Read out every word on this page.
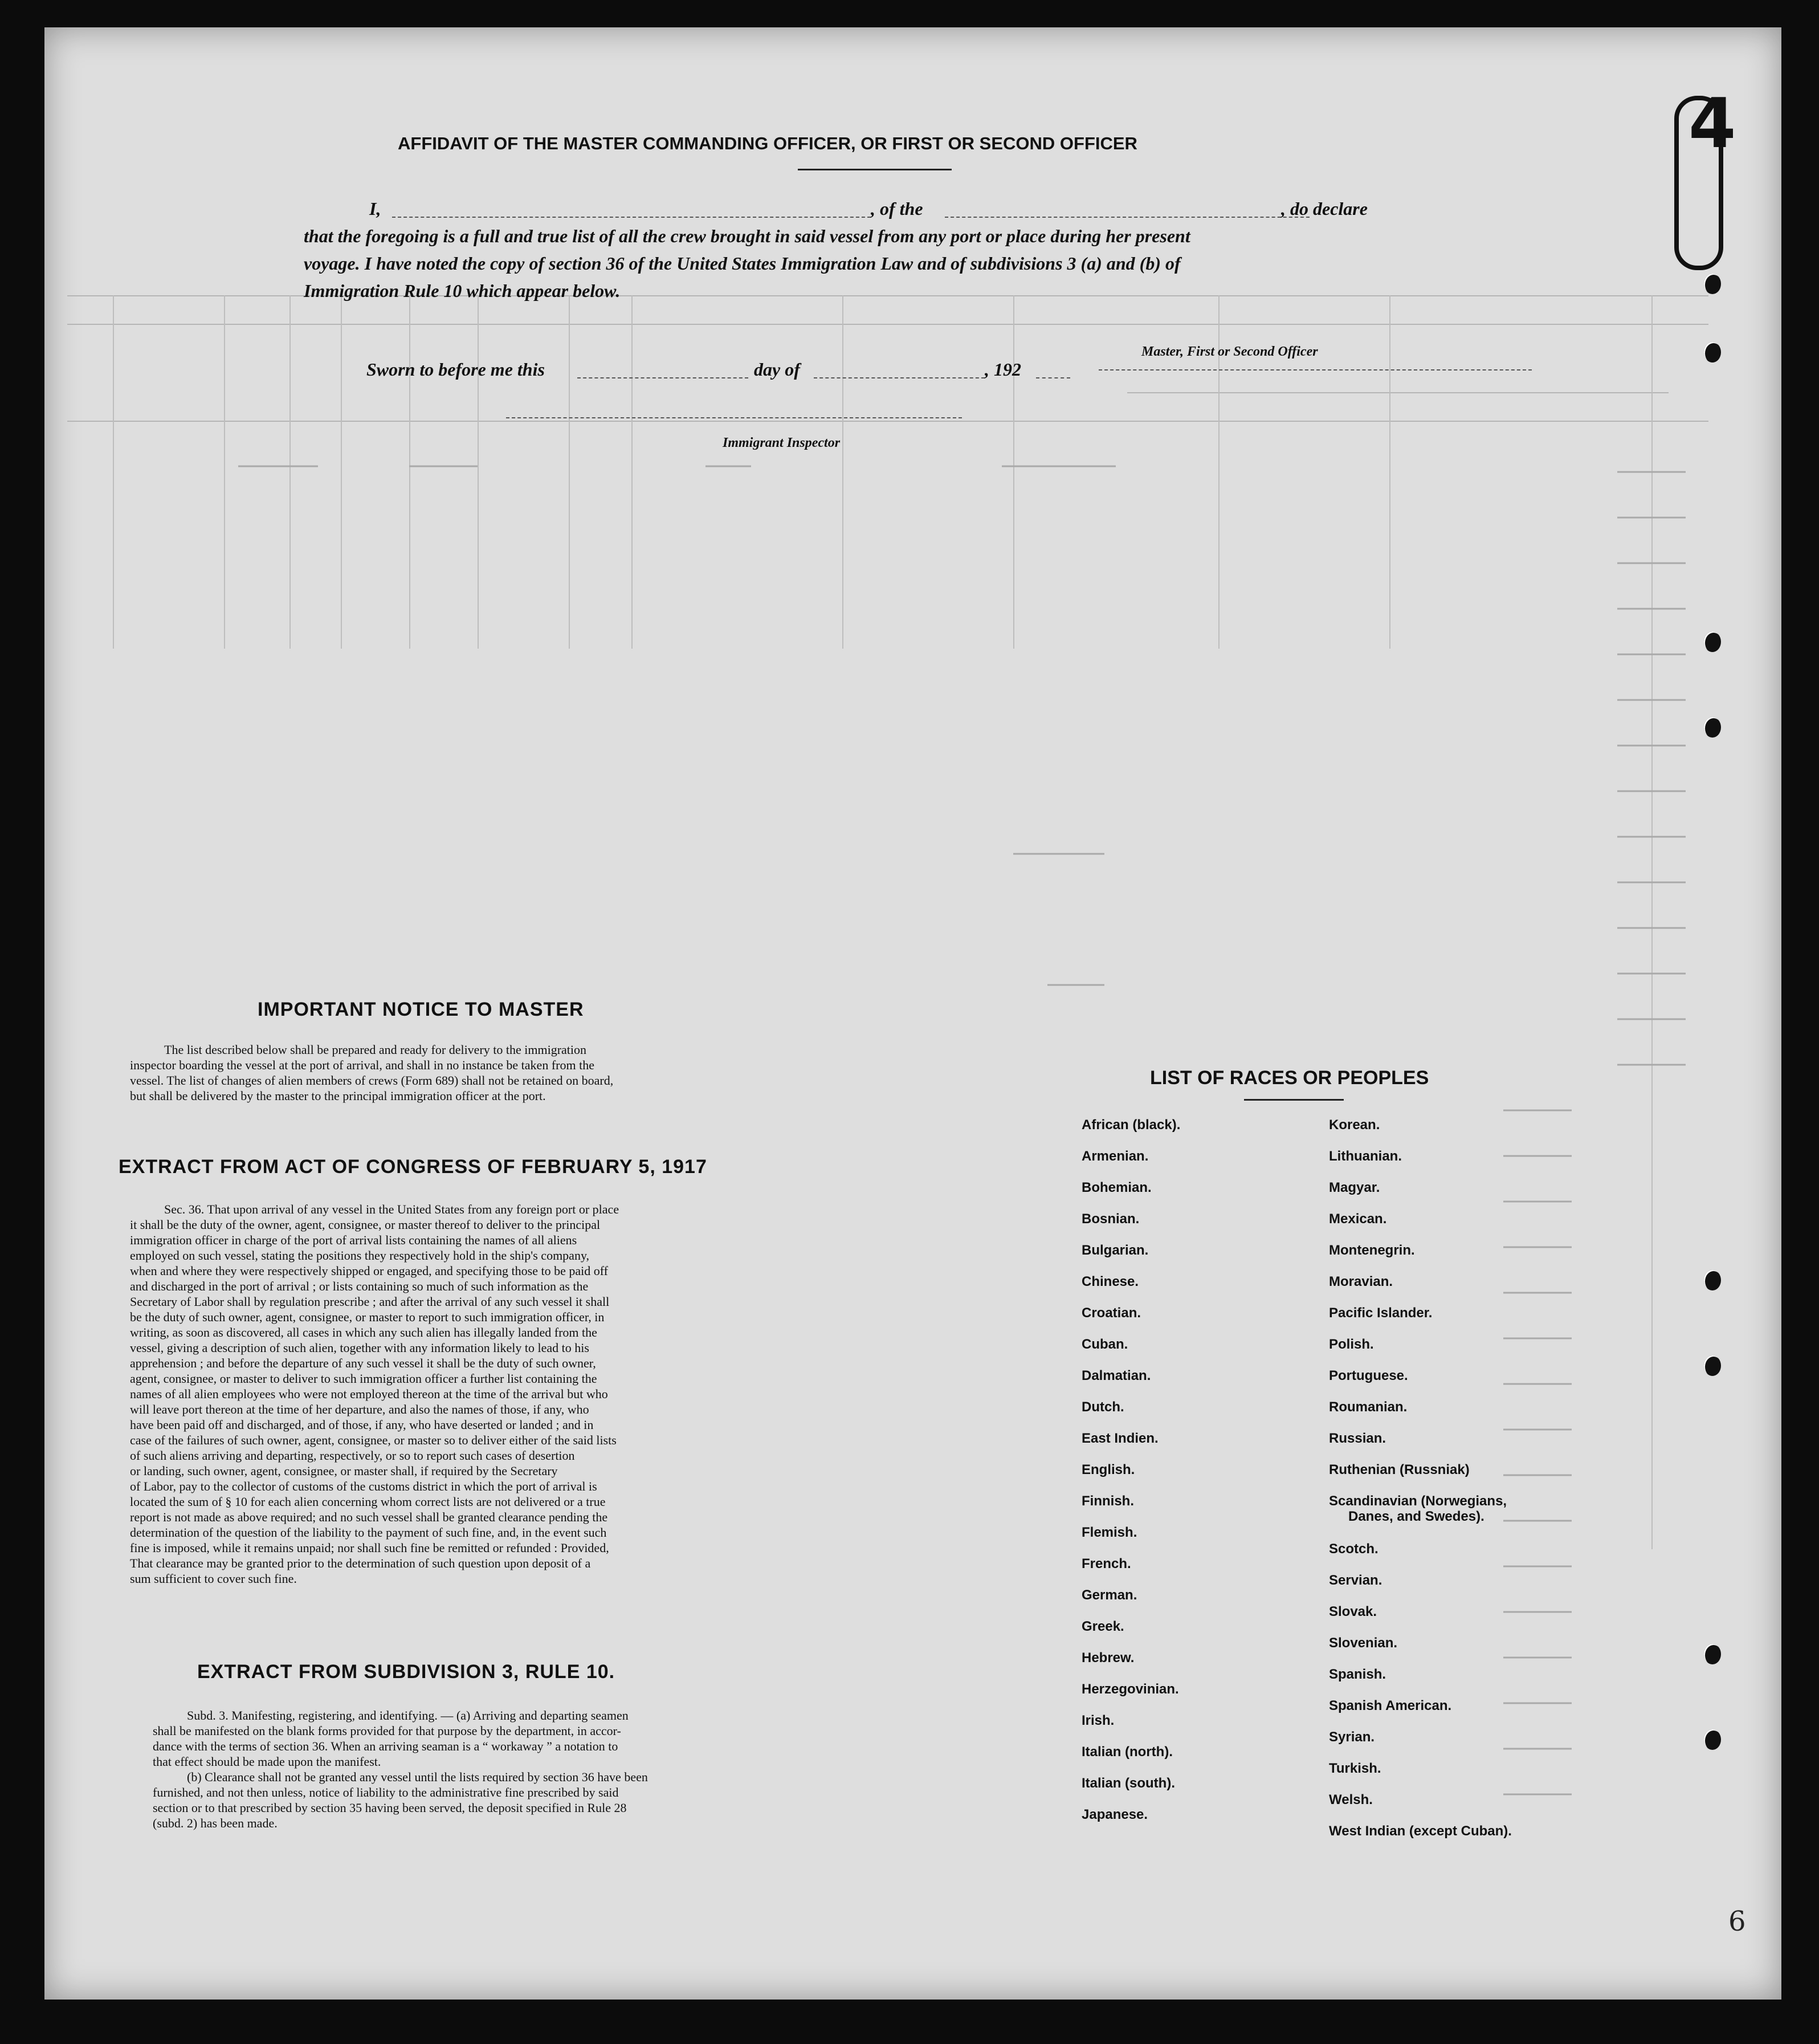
AFFIDAVIT OF THE MASTER COMMANDING OFFICER, OR FIRST OR SECOND OFFICER
I,	, of the	, do declare
that the foregoing is a full and true list of all the crew brought in said vessel from any port or place during her present
voyage. I have noted the copy of section 36 of the United States Immigration Law and of subdivisions 3 (a) and (b) of
Immigration Rule 10 which appear below.
Master, First or Second Officer
Sworn to before me this	day of	, 192
Immigrant Inspector
IMPORTANT NOTICE TO MASTER
The list described below shall be prepared and ready for delivery to the immigration
inspector boarding the vessel at the port of arrival, and shall in no instance be taken from the
vessel. The list of changes of alien members of crews (Form 689) shall not be retained on board,
but shall be delivered by the master to the principal immigration officer at the port.
EXTRACT FROM ACT OF CONGRESS OF FEBRUARY 5, 1917
Sec. 36. That upon arrival of any vessel in the United States from any foreign port or place
it shall be the duty of the owner, agent, consignee, or master thereof to deliver to the principal
immigration officer in charge of the port of arrival lists containing the names of all aliens
employed on such vessel, stating the positions they respectively hold in the ship's company,
when and where they were respectively shipped or engaged, and specifying those to be paid off
and discharged in the port of arrival ; or lists containing so much of such information as the
Secretary of Labor shall by regulation prescribe ; and after the arrival of any such vessel it shall
be the duty of such owner, agent, consignee, or master to report to such immigration officer, in
writing, as soon as discovered, all cases in which any such alien has illegally landed from the
vessel, giving a description of such alien, together with any information likely to lead to his
apprehension ; and before the departure of any such vessel it shall be the duty of such owner,
agent, consignee, or master to deliver to such immigration officer a further list containing the
names of all alien employees who were not employed thereon at the time of the arrival but who
will leave port thereon at the time of her departure, and also the names of those, if any, who
have been paid off and discharged, and of those, if any, who have deserted or landed ; and in
case of the failures of such owner, agent, consignee, or master so to deliver either of the said lists
of such aliens arriving and departing, respectively, or so to report such cases of desertion
or landing, such owner, agent, consignee, or master shall, if required by the Secretary
of Labor, pay to the collector of customs of the customs district in which the port of arrival is
located the sum of § 10 for each alien concerning whom correct lists are not delivered or a true
report is not made as above required; and no such vessel shall be granted clearance pending the
determination of the question of the liability to the payment of such fine, and, in the event such
fine is imposed, while it remains unpaid; nor shall such fine be remitted or refunded : Provided,
That clearance may be granted prior to the determination of such question upon deposit of a
sum sufficient to cover such fine.
EXTRACT FROM SUBDIVISION 3, RULE 10.
Subd. 3. Manifesting, registering, and identifying. — (a) Arriving and departing seamen
shall be manifested on the blank forms provided for that purpose by the department, in accor-
dance with the terms of section 36. When an arriving seaman is a “ workaway ” a notation to
that effect should be made upon the manifest.
(b) Clearance shall not be granted any vessel until the lists required by section 36 have been
furnished, and not then unless, notice of liability to the administrative fine prescribed by said
section or to that prescribed by section 35 having been served, the deposit specified in Rule 28
(subd. 2) has been made.
LIST OF RACES OR PEOPLES
African (black).
Armenian.
Bohemian.
Bosnian.
Bulgarian.
Chinese.
Croatian.
Cuban.
Dalmatian.
Dutch.
East Indien.
English.
Finnish.
Flemish.
French.
German.
Greek.
Hebrew.
Herzegovinian.
Irish.
Italian (north).
Italian (south).
Japanese.
Korean.
Lithuanian.
Magyar.
Mexican.
Montenegrin.
Moravian.
Pacific Islander.
Polish.
Portuguese.
Roumanian.
Russian.
Ruthenian (Russniak)
Scandinavian (Norwegians,
Danes, and Swedes).
Scotch.
Servian.
Slovak.
Slovenian.
Spanish.
Spanish American.
Syrian.
Turkish.
Welsh.
West Indian (except Cuban).
4
6
